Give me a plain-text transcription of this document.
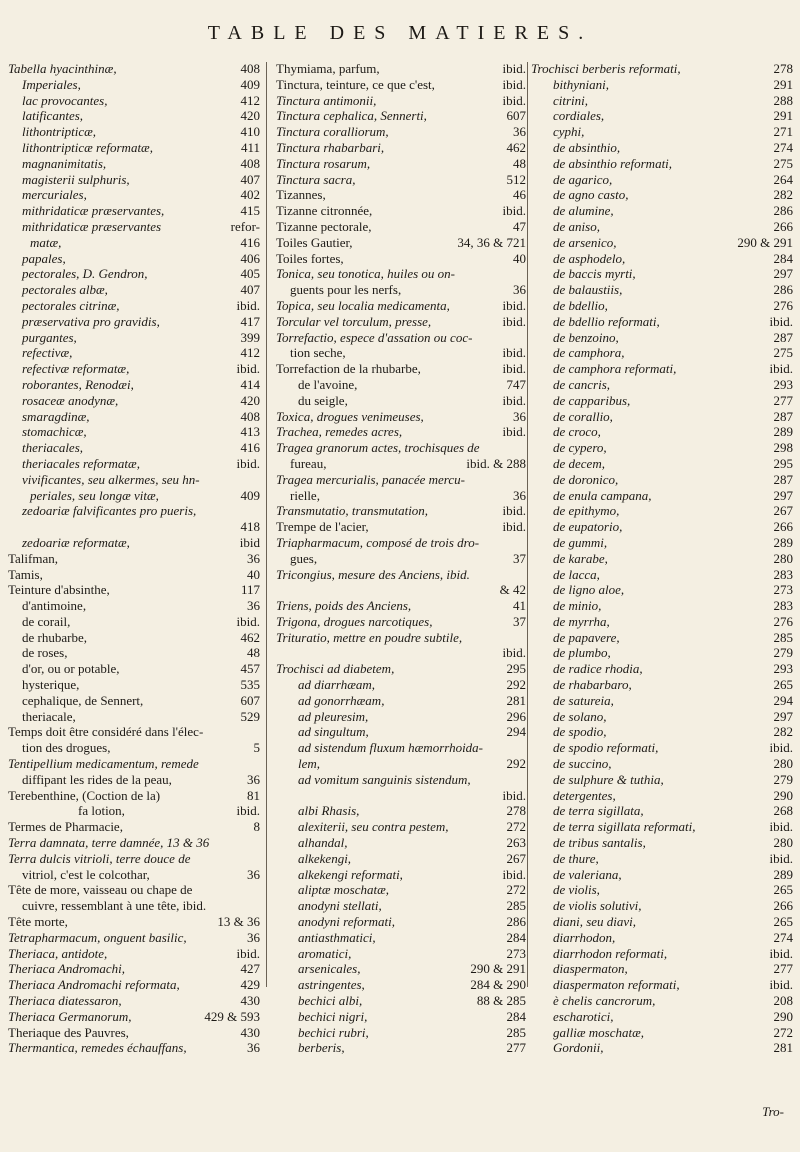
TABLE DES MATIERES.
Tabella hyacinthinæ,	408
Imperiales,	409
lac provocantes,	412
latificantes,	420
lithontripticæ,	410
lithontripticæ reformatæ,	411
magnanimitatis,	408
magisterii sulphuris,	407
mercuriales,	402
mithridaticæ præservantes,	415
mithridaticæ præservantes	refor-
matæ,	416
papales,	406
pectorales, D. Gendron,	405
pectorales albæ,	407
pectorales citrinæ,	ibid.
præservativa pro gravidis,	417
purgantes,	399
refectivæ,	412
refectivæ reformatæ,	ibid.
roborantes, Renodæi,	414
rosaceæ anodynæ,	420
smaragdinæ,	408
stomachicæ,	413
theriacales,	416
theriacales reformatæ,	ibid.
vivificantes, seu alkermes, seu hn-
periales, seu longæ vitæ,	409
zedoariæ falvificantes pro pueris,
418
zedoariæ reformatæ,	ibid
Talifman,	36
Tamis,	40
Teinture d'absinthe,	117
d'antimoine,	36
de corail,	ibid.
de rhubarbe,	462
de roses,	48
d'or, ou or potable,	457
hysterique,	535
cephalique, de Sennert,	607
theriacale,	529
Temps doit être considéré dans l'élec-
tion des drogues,	5
Tentipellium medicamentum, remede
diffipant les rides de la peau,	36
Terebenthine, (Coction de la)	81
fa lotion,	ibid.
Termes de Pharmacie,	8
Terra damnata, terre damnée, 13 & 36
Terra dulcis vitrioli, terre douce de
vitriol, c'est le colcothar,	36
Tête de more, vaisseau ou chape de
cuivre, ressemblant à une tête, ibid.
Tête morte,	13 & 36
Tetrapharmacum, onguent basilic,	36
Theriaca, antidote,	ibid.
Theriaca Andromachi,	427
Theriaca Andromachi reformata,	429
Theriaca diatessaron,	430
Theriaca Germanorum,	429 & 593
Theriaque des Pauvres,	430
Thermantica, remedes échauffans,	36
Thymiama, parfum,	ibid.
Tinctura, teinture, ce que c'est,	ibid.
Tinctura antimonii,	ibid.
Tinctura cephalica, Sennerti,	607
Tinctura coralliorum,	36
Tinctura rhabarbari,	462
Tinctura rosarum,	48
Tinctura sacra,	512
Tizannes,	46
Tizanne citronnée,	ibid.
Tizanne pectorale,	47
Toiles Gautier,	34, 36 & 721
Toiles fortes,	40
Tonica, seu tonotica, huiles ou on-
guents pour les nerfs,	36
Topica, seu localia medicamenta,	ibid.
Torcular vel torculum, presse,	ibid.
Torrefactio, espece d'assation ou coc-
tion seche,	ibid.
Torrefaction de la rhubarbe,	ibid.
de l'avoine,	747
du seigle,	ibid.
Toxica, drogues venimeuses,	36
Trachea, remedes acres,	ibid.
Tragea granorum actes, trochisques de
fureau,	ibid. & 288
Tragea mercurialis, panacée mercu-
rielle,	36
Transmutatio, transmutation,	ibid.
Trempe de l'acier,	ibid.
Triapharmacum, composé de trois dro-
gues,	37
Tricongius, mesure des Anciens, ibid.
& 42
Triens, poids des Anciens,	41
Trigona, drogues narcotiques,	37
Trituratio, mettre en poudre subtile,
ibid.
Trochisci ad diabetem,	295
ad diarrhæam,	292
ad gonorrhæam,	281
ad pleuresim,	296
ad singultum,	294
ad sistendum fluxum hæmorrhoida-
lem,	292
ad vomitum sanguinis sistendum,
ibid.
albi Rhasis,	278
alexiterii, seu contra pestem,	272
alhandal,	263
alkekengi,	267
alkekengi reformati,	ibid.
aliptæ moschatæ,	272
anodyni stellati,	285
anodyni reformati,	286
antiasthmatici,	284
aromatici,	273
arsenicales,	290 & 291
astringentes,	284 & 290
bechici albi,	88 & 285
bechici nigri,	284
bechici rubri,	285
berberis,	277
Trochisci berberis reformati,	278
bithyniani,	291
citrini,	288
cordiales,	291
cyphi,	271
de absinthio,	274
de absinthio reformati,	275
de agarico,	264
de agno casto,	282
de alumine,	286
de aniso,	266
de arsenico,	290 & 291
de asphodelo,	284
de baccis myrti,	297
de balaustiis,	286
de bdellio,	276
de bdellio reformati,	ibid.
de benzoino,	287
de camphora,	275
de camphora reformati,	ibid.
de cancris,	293
de capparibus,	277
de corallio,	287
de croco,	289
de cypero,	298
de decem,	295
de doronico,	287
de enula campana,	297
de epithymo,	267
de eupatorio,	266
de gummi,	289
de karabe,	280
de lacca,	283
de ligno aloe,	273
de minio,	283
de myrrha,	276
de papavere,	285
de plumbo,	279
de radice rhodia,	293
de rhabarbaro,	265
de satureia,	294
de solano,	297
de spodio,	282
de spodio reformati,	ibid.
de succino,	280
de sulphure & tuthia,	279
detergentes,	290
de terra sigillata,	268
de terra sigillata reformati,	ibid.
de tribus santalis,	280
de thure,	ibid.
de valeriana,	289
de violis,	265
de violis solutivi,	266
diani, seu diavi,	265
diarrhodon,	274
diarrhodon reformati,	ibid.
diaspermaton,	277
diaspermaton reformati,	ibid.
è chelis cancrorum,	208
escharotici,	290
galliæ moschatæ,	272
Gordonii,	281
Tro-
